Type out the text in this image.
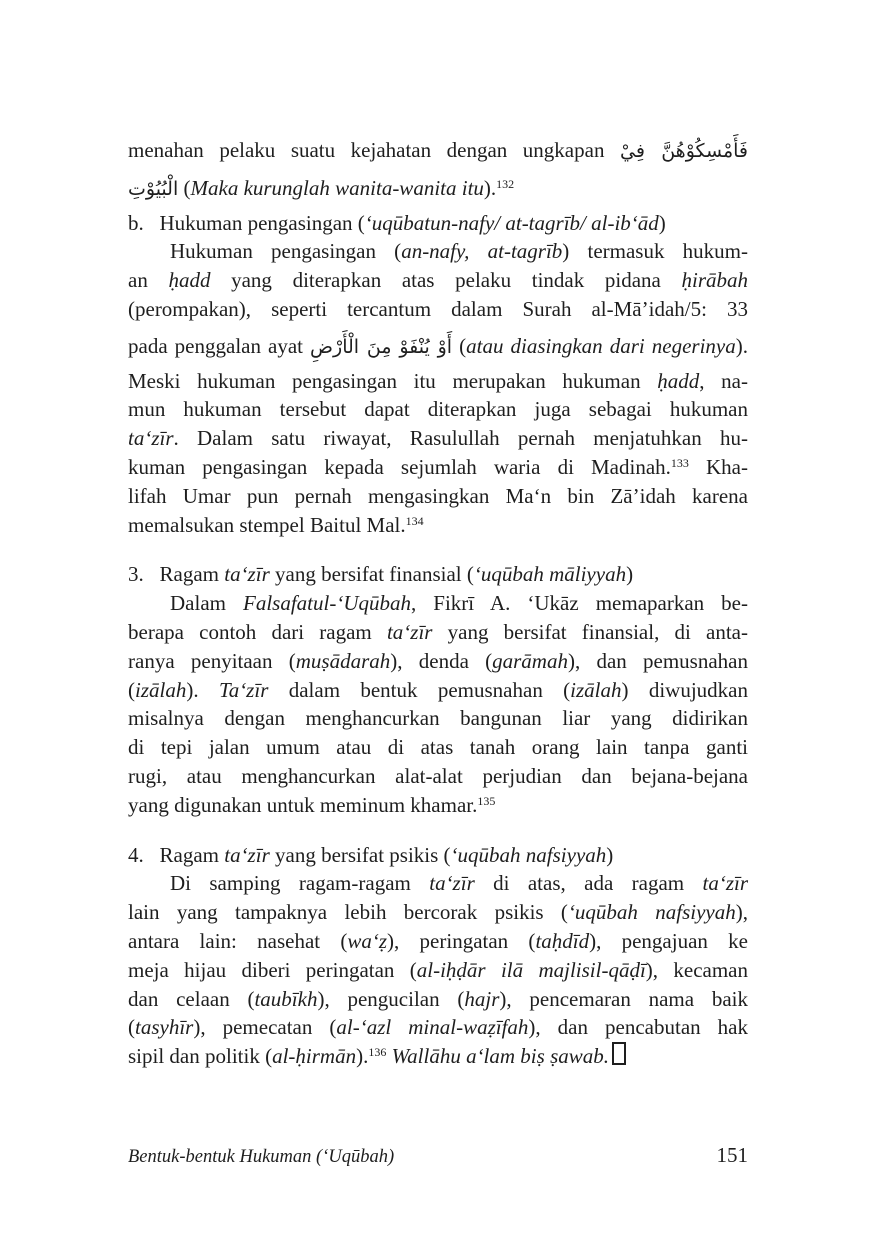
menahan pelaku suatu kejahatan dengan ungkapan فَأَمْسِكُوْهُنَّ فِيْ
الْبُيُوْتِ (Maka kurunglah wanita-wanita itu).$^{132}$
b.   Hukuman pengasingan (‘uqūbatun-nafy/ at-tagrīb/ al-ib‘ād)
Hukuman pengasingan (an-nafy, at-tagrīb) termasuk hukum-
an ḥadd yang diterapkan atas pelaku tindak pidana ḥirābah
(perompakan), seperti tercantum dalam Surah al-Mā’idah/5: 33
pada penggalan ayat أَوْ يُنْفَوْ مِنَ الْأَرْضِ (atau diasingkan dari negerinya).
Meski hukuman pengasingan itu merupakan hukuman ḥadd, na-
mun hukuman tersebut dapat diterapkan juga sebagai hukuman
ta‘zīr. Dalam satu riwayat, Rasulullah pernah menjatuhkan hu-
kuman pengasingan kepada sejumlah waria di Madinah.$^{133}$ Kha-
lifah Umar pun pernah mengasingkan Ma‘n bin Zā’idah karena
memalsukan stempel Baitul Mal.$^{134}$
3.   Ragam ta‘zīr yang bersifat finansial (‘uqūbah māliyyah)
Dalam Falsafatul-‘Uqūbah, Fikrī A. ‘Ukāz memaparkan be-
berapa contoh dari ragam ta‘zīr yang bersifat finansial, di anta-
ranya penyitaan (muṣādarah), denda (garāmah), dan pemusnahan
(izālah). Ta‘zīr dalam bentuk pemusnahan (izālah) diwujudkan
misalnya dengan menghancurkan bangunan liar yang didirikan
di tepi jalan umum atau di atas tanah orang lain tanpa ganti
rugi, atau menghancurkan alat-alat perjudian dan bejana-bejana
yang digunakan untuk meminum khamar.$^{135}$
4.   Ragam ta‘zīr yang bersifat psikis (‘uqūbah nafsiyyah)
Di samping ragam-ragam ta‘zīr di atas, ada ragam ta‘zīr
lain yang tampaknya lebih bercorak psikis (‘uqūbah nafsiyyah),
antara lain: nasehat (wa‘ẓ), peringatan (taḥdīd), pengajuan ke
meja hijau diberi peringatan (al-iḥḍār ilā majlisil-qāḍī), kecaman
dan celaan (taubīkh), pengucilan (hajr), pencemaran nama baik
(tasyhīr), pemecatan (al-‘azl minal-waẓīfah), dan pencabutan hak
sipil dan politik (al-ḥirmān).$^{136}$ Wallāhu a‘lam biṣ ṣawab.
Bentuk-bentuk Hukuman (‘Uqūbah)	151
